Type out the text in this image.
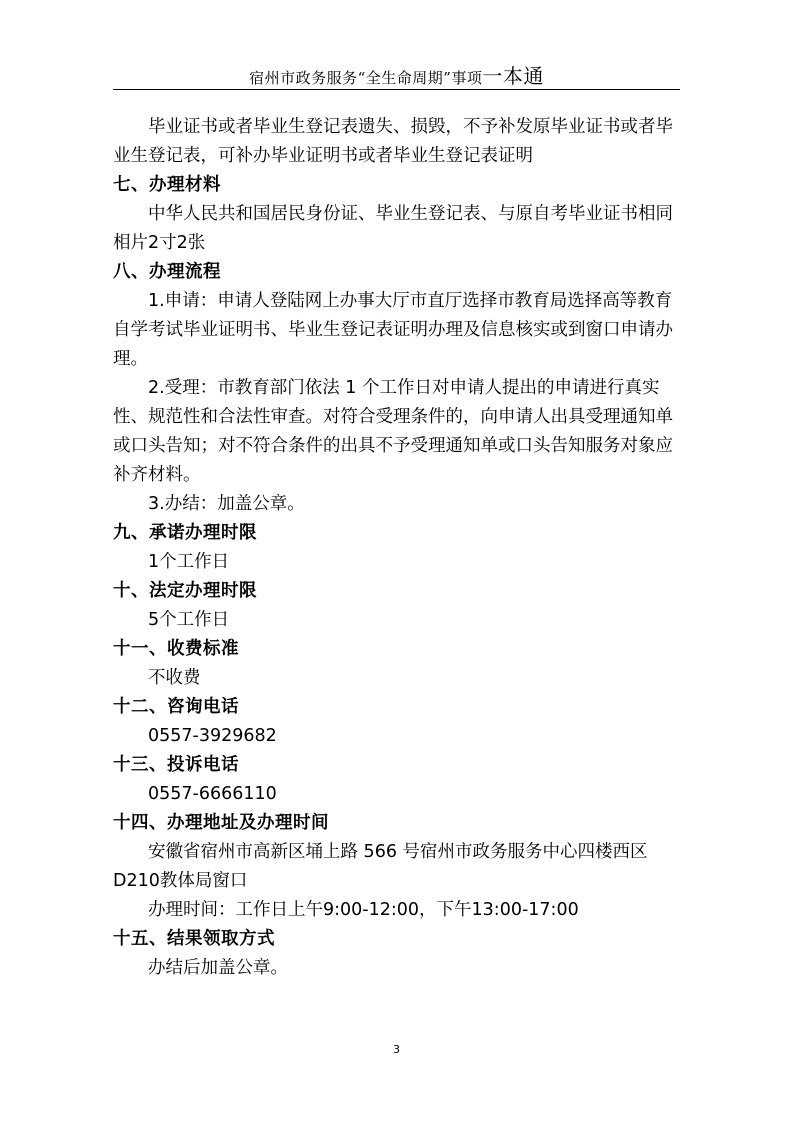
宿州市政务服务“全生命周期”事项一本通

毕业证书或者毕业生登记表遗失、损毁，不予补发原毕业证书或者毕业生登记表，可补办毕业证明书或者毕业生登记表证明

七、办理材料

中华人民共和国居民身份证、毕业生登记表、与原自考毕业证书相同相片2寸2张

八、办理流程

1.申请：申请人登陆网上办事大厅市直厅选择市教育局选择高等教育自学考试毕业证明书、毕业生登记表证明办理及信息核实或到窗口申请办理。

2.受理：市教育部门依法 1 个工作日对申请人提出的申请进行真实性、规范性和合法性审查。对符合受理条件的，向申请人出具受理通知单或口头告知；对不符合条件的出具不予受理通知单或口头告知服务对象应补齐材料。

3.办结：加盖公章。

九、承诺办理时限

1个工作日

十、法定办理时限

5个工作日

十一、收费标准

不收费

十二、咨询电话

0557-3929682

十三、投诉电话

0557-6666110

十四、办理地址及办理时间

安徽省宿州市高新区埇上路 566 号宿州市政务服务中心四楼西区D210教体局窗口

办理时间：工作日上午9:00-12:00，下午13:00-17:00

十五、结果领取方式

办结后加盖公章。

3
